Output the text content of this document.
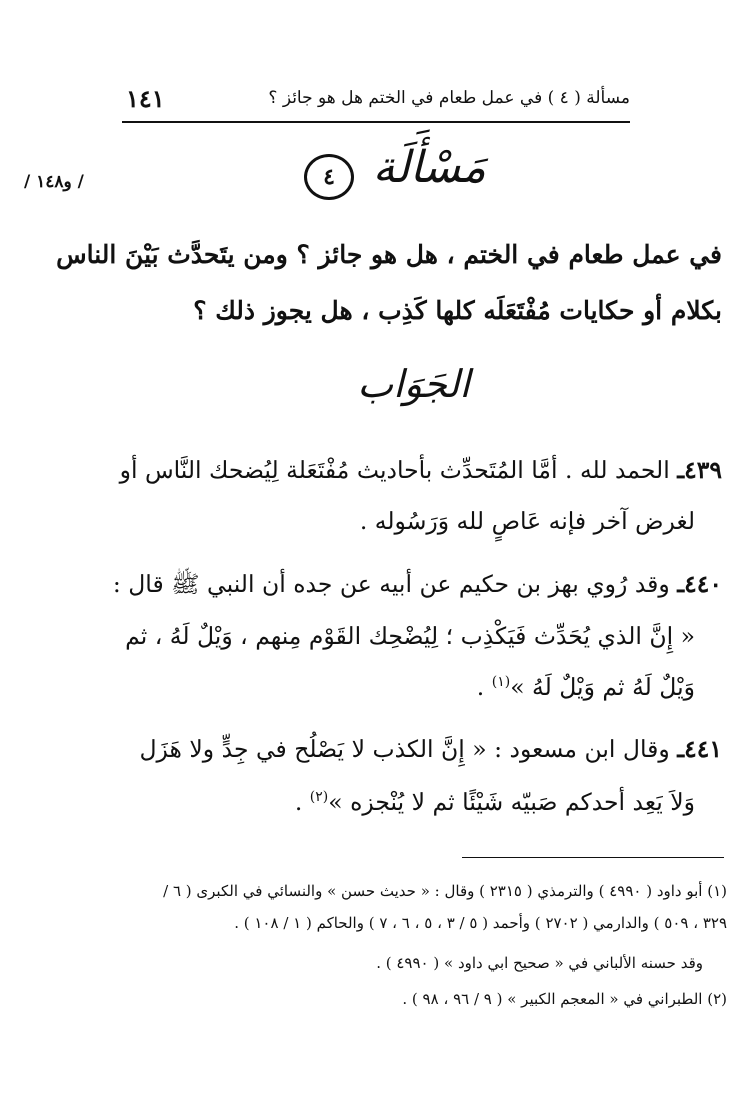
مسألة ( ٤ ) في عمل طعام في الختم هل هو جائز ؟
١٤١
/ و١٤٨ /	مَسْأَلَة
٤
في عمل طعام في الختم ، هل هو جائز ؟ ومن يتَحدَّث بَيْنَ الناس
بكلام أو حكايات مُفْتَعَلَه كلها كَذِب ، هل يجوز ذلك ؟
الجَوَاب
٤٣٩ـ الحمد لله . أمَّا المُتَحدِّث بأحاديث مُفْتَعَلة لِيُضحك النَّاس أو
لغرض آخر فإنه عَاصٍ لله وَرَسُوله .
٤٤٠ـ وقد رُوي بهز بن حكيم عن أبيه عن جده أن النبي ﷺ قال :
« إِنَّ الذي يُحَدِّث فَيَكْذِب ؛ لِيُضْحِك القَوْم مِنهم ، وَيْلٌ لَهُ ، ثم
وَيْلٌ لَهُ ثم وَيْلٌ لَهُ »$^{(١)}$ .
٤٤١ـ وقال ابن مسعود : « إِنَّ الكذب لا يَصْلُح في جِدٍّ ولا هَزَل
وَلاَ يَعِد أحدكم صَبيّه شَيْئًا ثم لا يُنْجزه »$^{(٢)}$ .
(١) أبو داود ( ٤٩٩٠ ) والترمذي ( ٢٣١٥ ) وقال : « حديث حسن » والنسائي في الكبرى ( ٦ /
٣٢٩ ، ٥٠٩ ) والدارمي ( ٢٧٠٢ ) وأحمد ( ٥ / ٣ ، ٥ ، ٦ ، ٧ ) والحاكم ( ١ / ١٠٨ ) .
وقد حسنه الألباني في « صحيح ابي داود » ( ٤٩٩٠ ) .
(٢) الطبراني في « المعجم الكبير » ( ٩ / ٩٦ ، ٩٨ ) .
